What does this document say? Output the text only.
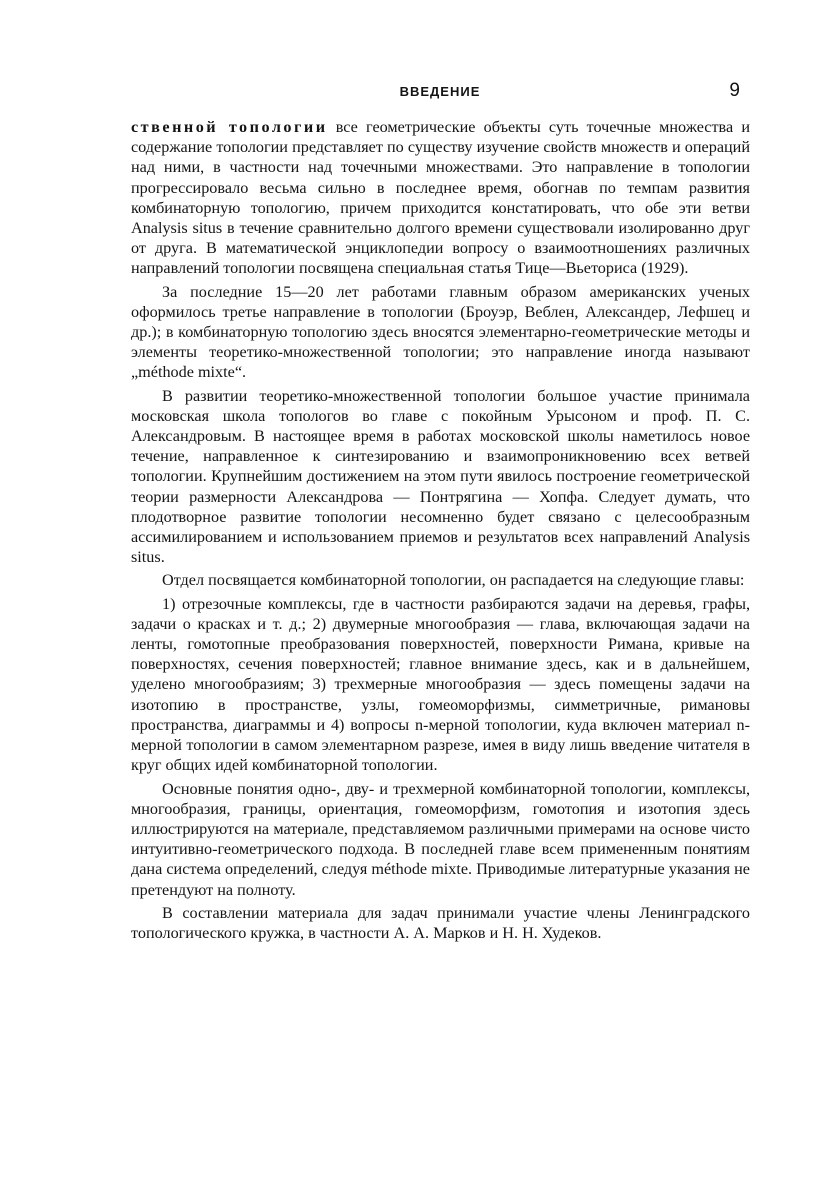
ВВЕДЕНИЕ	9

ственной топологии все геометрические объекты суть точечные множества и содержание топологии представляет по существу изучение свойств множеств и операций над ними, в частности над точечными множествами. Это направление в топологии прогрессировало весьма сильно в последнее время, обогнав по темпам развития комбинаторную топологию, причем приходится констатировать, что обе эти ветви Analysis situs в течение сравнительно долгого времени существовали изолированно друг от друга. В математической энциклопедии вопросу о взаимоотношениях различных направлений топологии посвящена специальная статья Тице—Вьеториса (1929).

За последние 15—20 лет работами главным образом американских ученых оформилось третье направление в топологии (Броуэр, Веблен, Александер, Лефшец и др.); в комбинаторную топологию здесь вносятся элементарно-геометрические методы и элементы теоретико-множественной топологии; это направление иногда называют „méthode mixte“.

В развитии теоретико-множественной топологии большое участие принимала московская школа топологов во главе с покойным Урысоном и проф. П. С. Александровым. В настоящее время в работах московской школы наметилось новое течение, направленное к синтезированию и взаимопроникновению всех ветвей топологии. Крупнейшим достижением на этом пути явилось построение геометрической теории размерности Александрова — Понтрягина — Хопфа. Следует думать, что плодотворное развитие топологии несомненно будет связано с целесообразным ассимилированием и использованием приемов и результатов всех направлений Analysis situs.

Отдел посвящается комбинаторной топологии, он распадается на следующие главы:

1) отрезочные комплексы, где в частности разбираются задачи на деревья, графы, задачи о красках и т. д.; 2) двумерные многообразия — глава, включающая задачи на ленты, гомотопные преобразования поверхностей, поверхности Римана, кривые на поверхностях, сечения поверхностей; главное внимание здесь, как и в дальнейшем, уделено многообразиям; 3) трехмерные многообразия — здесь помещены задачи на изотопию в пространстве, узлы, гомеоморфизмы, симметричные, римановы пространства, диаграммы и 4) вопросы n-мерной топологии, куда включен материал n-мерной топологии в самом элементарном разрезе, имея в виду лишь введение читателя в круг общих идей комбинаторной топологии.

Основные понятия одно-, дву- и трехмерной комбинаторной топологии, комплексы, многообразия, границы, ориентация, гомеоморфизм, гомотопия и изотопия здесь иллюстрируются на материале, представляемом различными примерами на основе чисто интуитивно-геометрического подхода. В последней главе всем примененным понятиям дана система определений, следуя méthode mixte. Приводимые литературные указания не претендуют на полноту.

В составлении материала для задач принимали участие члены Ленинградского топологического кружка, в частности А. А. Марков и Н. Н. Худеков.
